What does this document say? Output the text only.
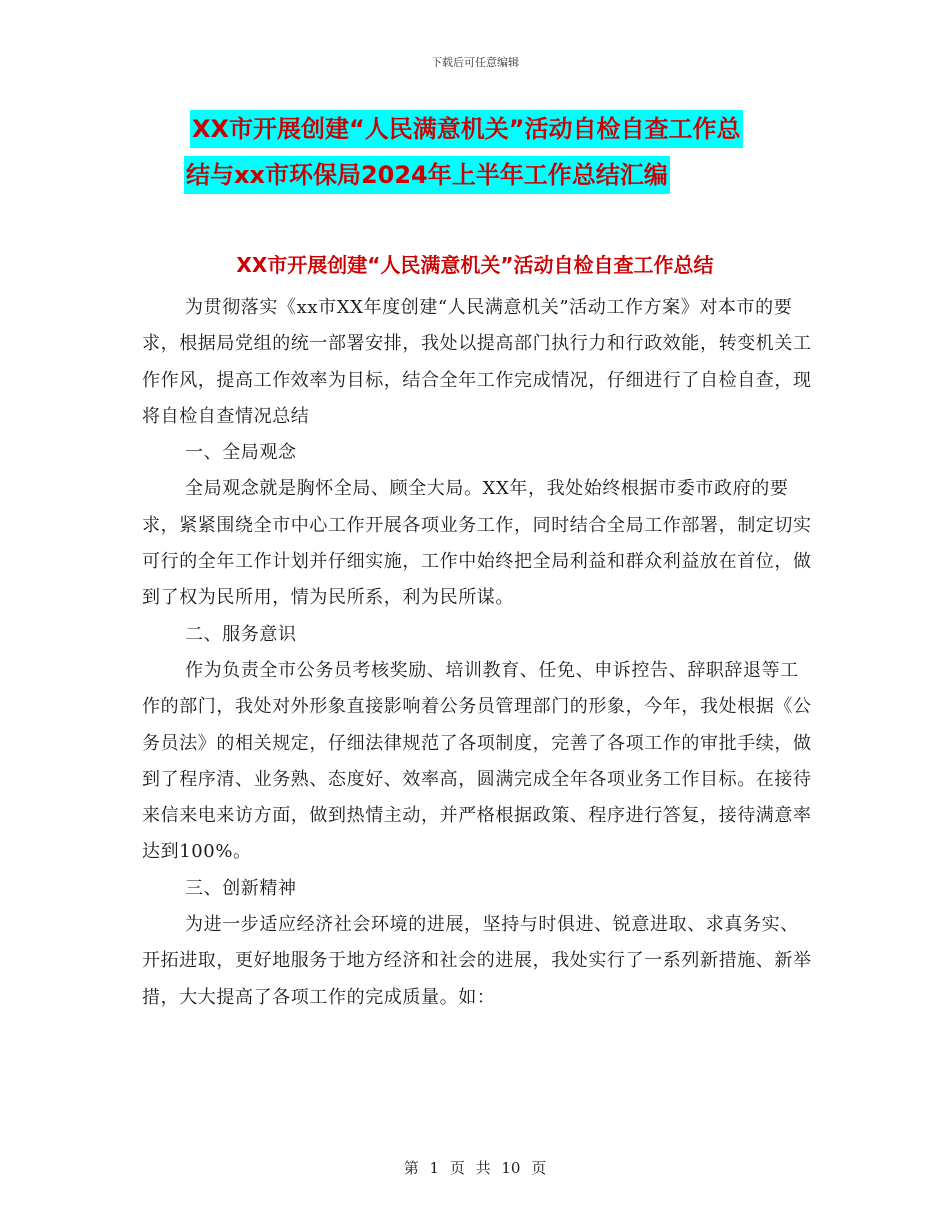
下载后可任意编辑
XX市开展创建“人民满意机关”活动自检自查工作总
结与xx市环保局2024年上半年工作总结汇编
XX市开展创建“人民满意机关”活动自检自查工作总结

为贯彻落实《xx市XX年度创建“人民满意机关”活动工作方案》对本市的要求，根据局党组的统一部署安排，我处以提高部门执行力和行政效能，转变机关工作作风，提高工作效率为目标，结合全年工作完成情况，仔细进行了自检自查，现将自检自查情况总结

一、全局观念

全局观念就是胸怀全局、顾全大局。XX年，我处始终根据市委市政府的要求，紧紧围绕全市中心工作开展各项业务工作，同时结合全局工作部署，制定切实可行的全年工作计划并仔细实施，工作中始终把全局利益和群众利益放在首位，做到了权为民所用，情为民所系，利为民所谋。

二、服务意识

作为负责全市公务员考核奖励、培训教育、任免、申诉控告、辞职辞退等工作的部门，我处对外形象直接影响着公务员管理部门的形象，今年，我处根据《公务员法》的相关规定，仔细法律规范了各项制度，完善了各项工作的审批手续，做到了程序清、业务熟、态度好、效率高，圆满完成全年各项业务工作目标。在接待来信来电来访方面，做到热情主动，并严格根据政策、程序进行答复，接待满意率达到100%。

三、创新精神

为进一步适应经济社会环境的进展，坚持与时俱进、锐意进取、求真务实、开拓进取，更好地服务于地方经济和社会的进展，我处实行了一系列新措施、新举措，大大提高了各项工作的完成质量。如：

第 1 页 共 10 页
